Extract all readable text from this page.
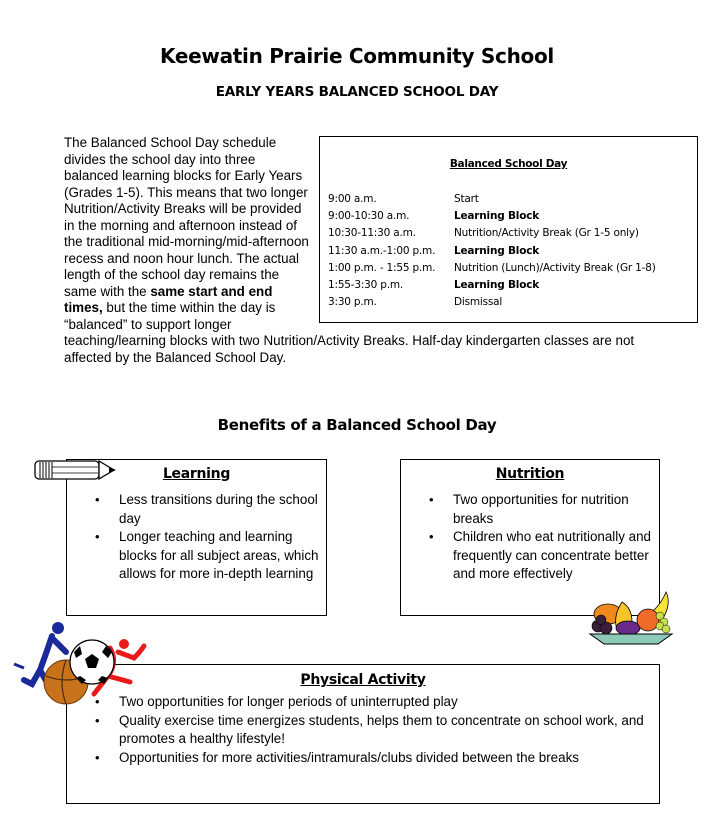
Keewatin Prairie Community School
EARLY YEARS BALANCED SCHOOL DAY
The Balanced School Day schedule divides the school day into three balanced learning blocks for Early Years (Grades 1-5). This means that two longer Nutrition/Activity Breaks will be provided in the morning and afternoon instead of the traditional mid-morning/mid-afternoon recess and noon hour lunch. The actual length of the school day remains the same with the same start and end times, but the time within the day is “balanced” to support longer teaching/learning blocks with two Nutrition/Activity Breaks. Half-day kindergarten classes are not affected by the Balanced School Day.
Balanced School Day
9:00 a.m.	Start
9:00-10:30 a.m.	Learning Block
10:30-11:30 a.m.	Nutrition/Activity Break (Gr 1-5 only)
11:30 a.m.-1:00 p.m.	Learning Block
1:00 p.m. - 1:55 p.m.	Nutrition (Lunch)/Activity Break (Gr 1-8)
1:55-3:30 p.m.	Learning Block
3:30 p.m.	Dismissal
Benefits of a Balanced School Day
Learning
• Less transitions during the school day
• Longer teaching and learning blocks for all subject areas, which allows for more in-depth learning
Nutrition
• Two opportunities for nutrition breaks
• Children who eat nutritionally and frequently can concentrate better and more effectively
Physical Activity
• Two opportunities for longer periods of uninterrupted play
• Quality exercise time energizes students, helps them to concentrate on school work, and promotes a healthy lifestyle!
• Opportunities for more activities/intramurals/clubs divided between the breaks
